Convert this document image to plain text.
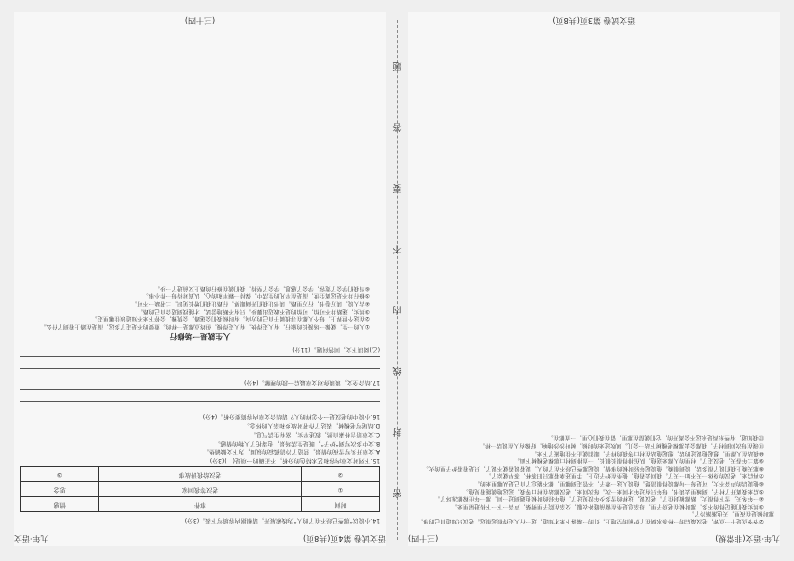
九年·语文(非常规)
(三十四)

②爷爷点是十一点钟，老汉最后的一杯茶水倒在了炉前的空地上，灯的一端落下来才知道，这一行人走得很远很远。老汉只知道自己的事，那时候是在夜里，天也渐渐冷了。

③其实我们能记得的不多，那时候在老房子里，母亲总是坐在窗前缝补衣服，父亲在院子里劈柴，声音一下一下传进屋里来。

④一年冬天，雪下得很大，路都被封住了。老汉说，这样的雪多少年没见过了，他年轻的时候也遇到过一回，那一年庄稼都冻坏了。

⑤后来我离开了村子，到城里去读书，每年只有过年才回来一次。每次回来，老汉都站在村口等我，远远地就能看见他。

⑥他说话的声音不大，可是每一句都说得很清楚。他说人这一辈子，不管走到哪里，都不能忘了自己是从哪里来的。

⑦再后来，老汉的身体一天不如一天了。我回去看他，他坐在炉子边上，手里还拿着那只旧茶杯，茶早就凉了。

⑧那天晚上我们说了很多话，说到很晚。他说起年轻时候的事情，说起那些已经不在了的人，说着说着就不说了，只是看着炉子里的火。

⑨第二年春天，老汉走了。村里的人都来送他，队伍排得很长很长，一直排到村口那棵老槐树下面。

⑩我站在人群里，想起他说过的话，想起他站在村口等我的样子，眼泪就止不住地流了下来。

⑪现在每次回到村子，我都会去那棵老槐树下站一会儿。风吹过来的时候，树叶沙沙地响，好像有人在说话一样。

⑫我知道，有些东西是永远不会离开的，它们就留在那里，留在我们心里，一直都在。

语文试卷 第3页(共8页)
密
封
线
内
不
要
答
题
语文试卷 第4页(共8页)
九年·语文
14.小说以“那些已经不在了的人”为线索展开，请根据内容填写下表。(3分)
时间	事件	情感
①	老汉等我回家	思念
②	老汉给我讲故事	③
15.下列对文章内容和艺术特色的分析，不正确的一项是(　)(3分)
A.文章开头写雪夜的情景，营造了冷清孤寂的氛围，为下文做铺垫。
B.文中多次写到“炉子”，既是生活场景，也寄托了人物的情感。
C.文章语言朴素自然，叙述平实，富有生活气息。
D.结尾写老槐树，表达了作者对故乡和亲人的怀念。
16.小说中的老汉是一个怎样的人？请结合文章内容简要分析。(4分)
17.结合全文，谈谈你对文章最后一段的理解。(4分)
(乙)阅读下文，回答问题。(11分)
人生就是一场修行

①人的一生，就像一场漫长的旅行，有人走得快，有人走得慢，但终点都是一样的。重要的不是走了多远，而是在路上看到了什么。

②在这个世界上，每个人都在寻找属于自己的方向。有时候我们会迷路，会犹豫，会停下来不知道该往哪里走。

③其实，迷路并不可怕，可怕的是不敢迈出脚步。只有不断地尝试，才能找到适合自己的路。

④古人说，读万卷书，行万里路。读书让我们开阔眼界，行路让我们增长见识，二者缺一不可。

⑤修行并不是远离尘世，而是在平凡的生活中，保持一颗平和的心，认真对待每一件小事。

⑥当我们学会了宽容，学会了感恩，学会了坚持，我们就在修行的路上又前进了一步。

(三十四)
